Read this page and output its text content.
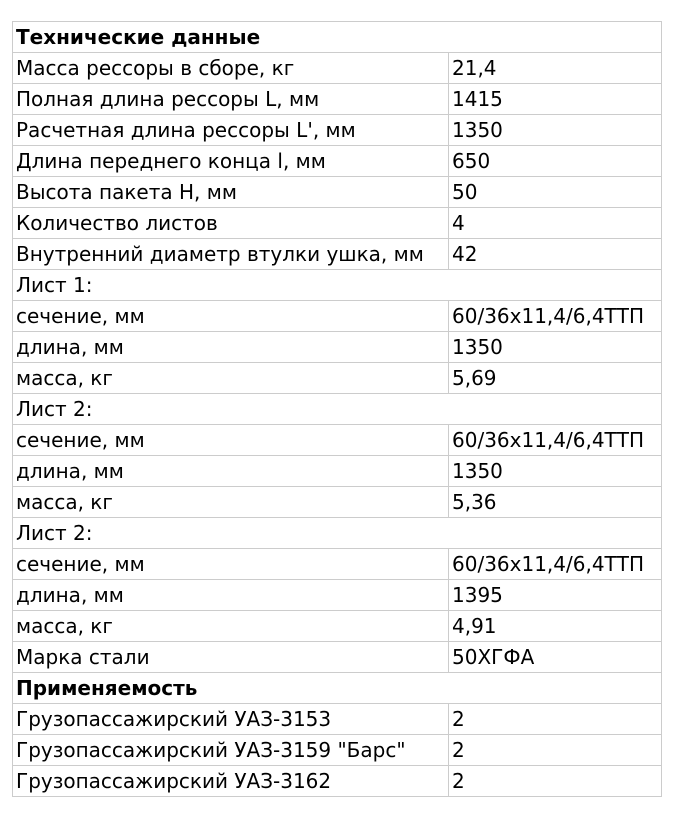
Технические данные	
Масса рессоры в сборе, кг	21,4
Полная длина рессоры L, мм	1415
Расчетная длина рессоры L', мм	1350
Длина переднего конца l, мм	650
Высота пакета H, мм	50
Количество листов	4
Внутренний диаметр втулки ушка, мм	42
Лист 1:	
сечение, мм	60/36x11,4/6,4ТТП
длина, мм	1350
масса, кг	5,69
Лист 2:	
сечение, мм	60/36x11,4/6,4ТТП
длина, мм	1350
масса, кг	5,36
Лист 2:	
сечение, мм	60/36x11,4/6,4ТТП
длина, мм	1395
масса, кг	4,91
Марка стали	50ХГФА
Применяемость	
Грузопассажирский УАЗ-3153	2
Грузопассажирский УАЗ-3159 "Барс"	2
Грузопассажирский УАЗ-3162	2
